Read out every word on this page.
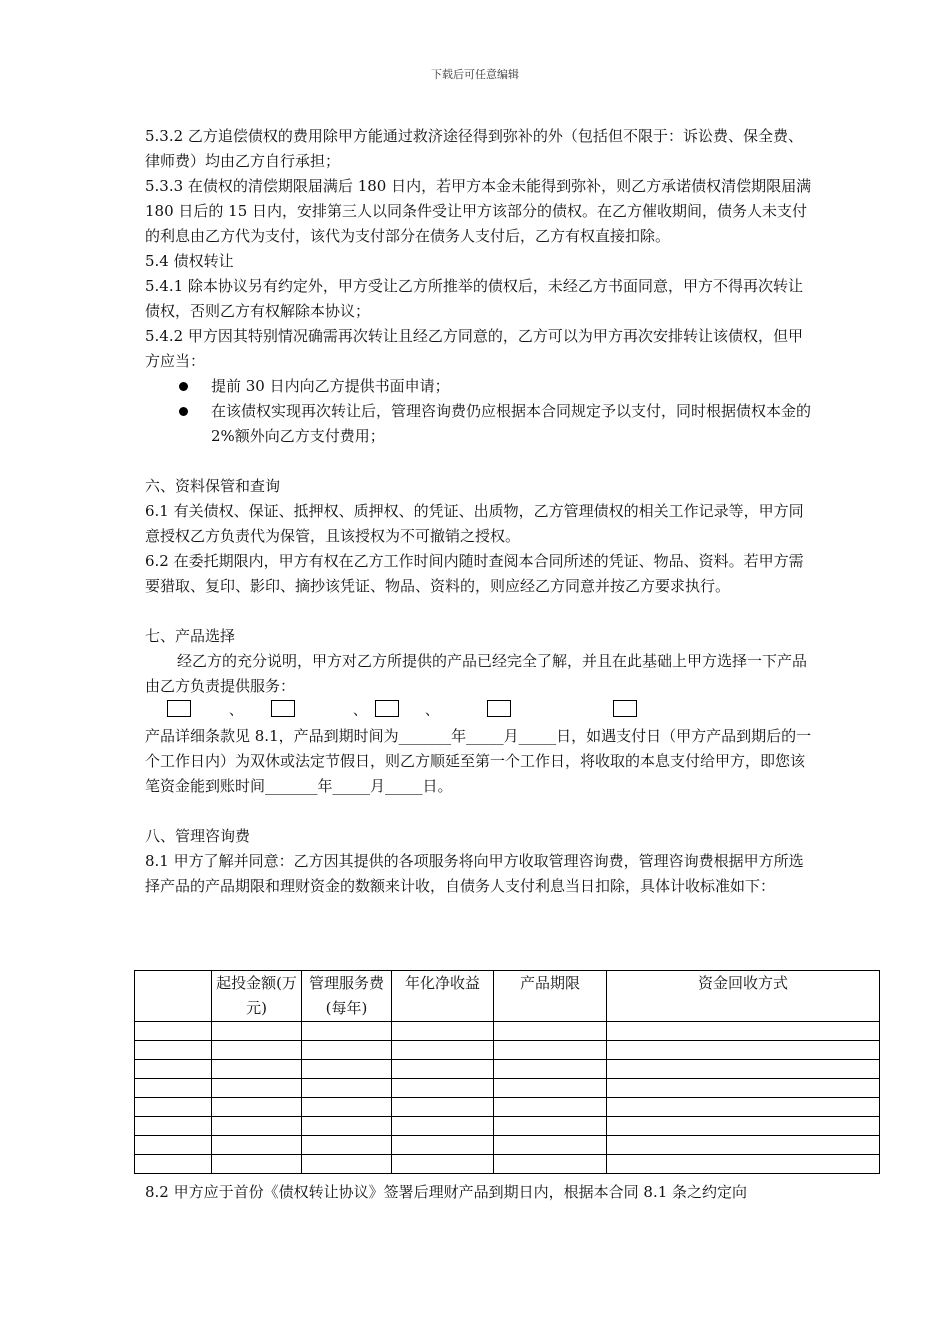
下载后可任意编辑

5.3.2 乙方追偿债权的费用除甲方能通过救济途径得到弥补的外（包括但不限于：诉讼费、保全费、律师费）均由乙方自行承担；

5.3.3 在债权的清偿期限届满后 180 日内，若甲方本金未能得到弥补，则乙方承诺债权清偿期限届满 180 日后的 15 日内，安排第三人以同条件受让甲方该部分的债权。在乙方催收期间，债务人未支付的利息由乙方代为支付，该代为支付部分在债务人支付后，乙方有权直接扣除。

5.4 债权转让

5.4.1 除本协议另有约定外，甲方受让乙方所推举的债权后，未经乙方书面同意，甲方不得再次转让债权，否则乙方有权解除本协议；

5.4.2 甲方因其特别情况确需再次转让且经乙方同意的，乙方可以为甲方再次安排转让该债权，但甲方应当：

提前 30 日内向乙方提供书面申请；
在该债权实现再次转让后，管理咨询费仍应根据本合同规定予以支付，同时根据债权本金的 2%额外向乙方支付费用；

六、资料保管和查询

6.1 有关债权、保证、抵押权、质押权、的凭证、出质物，乙方管理债权的相关工作记录等，甲方同意授权乙方负责代为保管，且该授权为不可撤销之授权。

6.2 在委托期限内，甲方有权在乙方工作时间内随时查阅本合同所述的凭证、物品、资料。若甲方需要猎取、复印、影印、摘抄该凭证、物品、资料的，则应经乙方同意并按乙方要求执行。

七、产品选择

经乙方的充分说明，甲方对乙方所提供的产品已经完全了解，并且在此基础上甲方选择一下产品由乙方负责提供服务：

、	、	、

产品详细条款见 8.1，产品到期时间为_______年_____月_____日，如遇支付日（甲方产品到期后的一个工作日内）为双休或法定节假日，则乙方顺延至第一个工作日，将收取的本息支付给甲方，即您该笔资金能到账时间_______年_____月_____日。

八、管理咨询费

8.1 甲方了解并同意：乙方因其提供的各项服务将向甲方收取管理咨询费，管理咨询费根据甲方所选择产品的产品期限和理财资金的数额来计收，自债务人支付利息当日扣除，具体计收标准如下：

	起投金额(万元)	管理服务费(每年)	年化净收益	产品期限	资金回收方式

8.2 甲方应于首份《债权转让协议》签署后理财产品到期日内，根据本合同 8.1 条之约定向
